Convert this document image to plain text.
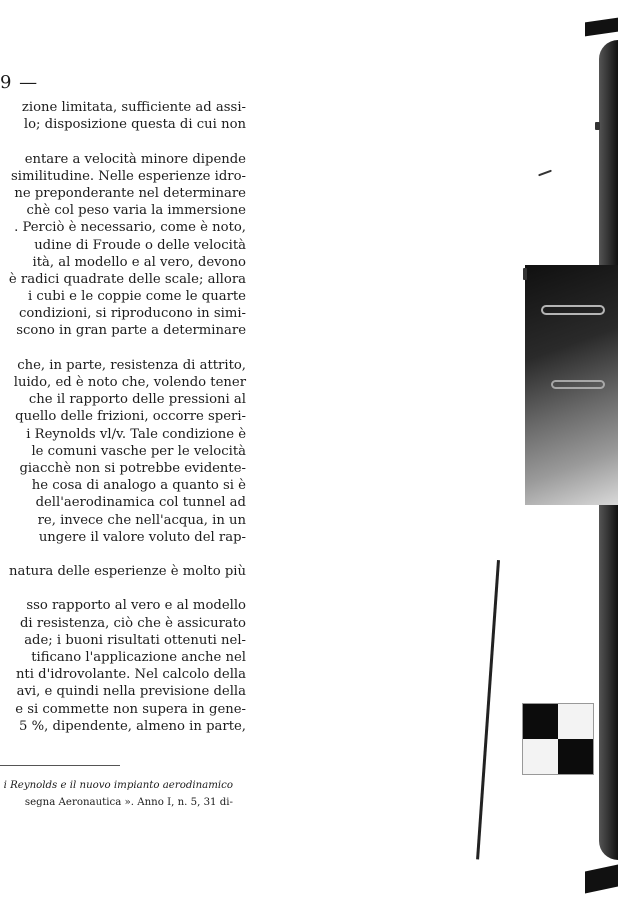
9 —
zione limitata, sufficiente ad assi-
lo; disposizione questa di cui non
entare a velocità minore dipende
similitudine. Nelle esperienze idro-
ne preponderante nel determinare
chè col peso varia la immersione
. Perciò è necessario, come è noto,
udine di Froude o delle velocità
ità, al modello e al vero, devono
è radici quadrate delle scale; allora
i cubi e le coppie come le quarte
condizioni, si riproducono in simi-
scono in gran parte a determinare
che, in parte, resistenza di attrito,
luido, ed è noto che, volendo tener
che il rapporto delle pressioni al
quello delle frizioni, occorre speri-
i Reynolds vl/v. Tale condizione è
le comuni vasche per le velocità
giacchè non si potrebbe evidente-
he cosa di analogo a quanto si è
dell'aerodinamica col tunnel ad
re, invece che nell'acqua, in un
ungere il valore voluto del rap-
natura delle esperienze è molto più
sso rapporto al vero e al modello
di resistenza, ciò che è assicurato
ade; i buoni risultati ottenuti nel-
tificano l'applicazione anche nel
nti d'idrovolante. Nel calcolo della
avi, e quindi nella previsione della
e si commette non supera in gene-
5 %, dipendente, almeno in parte,
i Reynolds e il nuovo impianto aerodinamico
segna Aeronautica ». Anno I, n. 5, 31 di-
